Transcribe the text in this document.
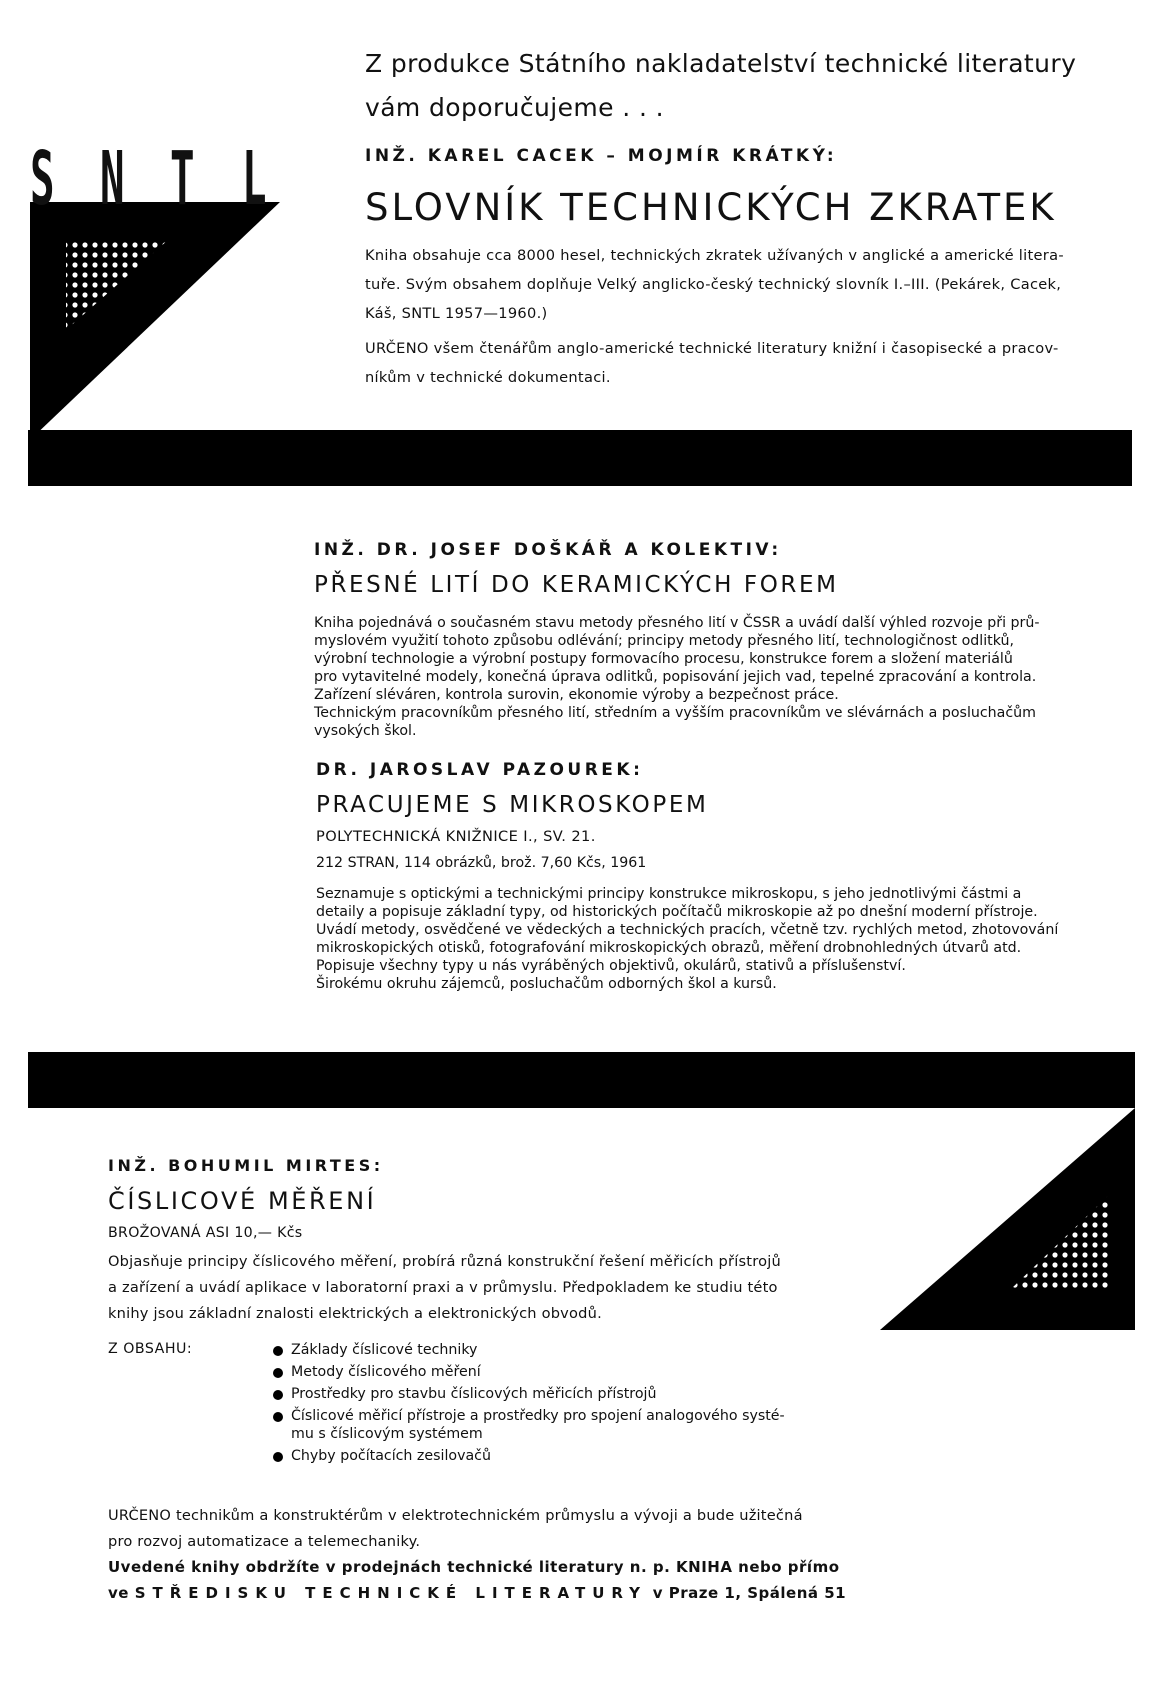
S N T L
Z produkce Státního nakladatelství technické literatury
vám doporučujeme . . .
INŽ. KAREL CACEK – MOJMÍR KRÁTKÝ:
SLOVNÍK TECHNICKÝCH ZKRATEK
Kniha obsahuje cca 8000 hesel, technických zkratek užívaných v anglické a americké litera-
tuře. Svým obsahem doplňuje Velký anglicko-český technický slovník I.–III. (Pekárek, Cacek,
Káš, SNTL 1957—1960.)
URČENO všem čtenářům anglo-americké technické literatury knižní i časopisecké a pracov-
níkům v technické dokumentaci.
INŽ. DR. JOSEF DOŠKÁŘ A KOLEKTIV:
PŘESNÉ LITÍ DO KERAMICKÝCH FOREM
Kniha pojednává o současném stavu metody přesného lití v ČSSR a uvádí další výhled rozvoje při prů-
myslovém využití tohoto způsobu odlévání; principy metody přesného lití, technologičnost odlitků,
výrobní technologie a výrobní postupy formovacího procesu, konstrukce forem a složení materiálů
pro vytavitelné modely, konečná úprava odlitků, popisování jejich vad, tepelné zpracování a kontrola.
Zařízení sléváren, kontrola surovin, ekonomie výroby a bezpečnost práce.
Technickým pracovníkům přesného lití, středním a vyšším pracovníkům ve slévárnách a posluchačům
vysokých škol.
DR. JAROSLAV PAZOUREK:
PRACUJEME S MIKROSKOPEM
POLYTECHNICKÁ KNIŽNICE I., SV. 21.
212 STRAN, 114 obrázků, brož. 7,60 Kčs, 1961
Seznamuje s optickými a technickými principy konstrukce mikroskopu, s jeho jednotlivými částmi a
detaily a popisuje základní typy, od historických počítačů mikroskopie až po dnešní moderní přístroje.
Uvádí metody, osvědčené ve vědeckých a technických pracích, včetně tzv. rychlých metod, zhotovování
mikroskopických otisků, fotografování mikroskopických obrazů, měření drobnohledných útvarů atd.
Popisuje všechny typy u nás vyráběných objektivů, okulárů, stativů a příslušenství.
Širokému okruhu zájemců, posluchačům odborných škol a kursů.
INŽ. BOHUMIL MIRTES:
ČÍSLICOVÉ MĚŘENÍ
BROŽOVANÁ ASI 10,— Kčs
Objasňuje principy číslicového měření, probírá různá konstrukční řešení měřicích přístrojů
a zařízení a uvádí aplikace v laboratorní praxi a v průmyslu. Předpokladem ke studiu této
knihy jsou základní znalosti elektrických a elektronických obvodů.
Z OBSAHU:	Základy číslicové techniky
Metody číslicového měření
Prostředky pro stavbu číslicových měřicích přístrojů
Číslicové měřicí přístroje a prostředky pro spojení analogového systé-
mu s číslicovým systémem
Chyby počítacích zesilovačů
URČENO technikům a konstruktérům v elektrotechnickém průmyslu a vývoji a bude užitečná
pro rozvoj automatizace a telemechaniky.
Uvedené knihy obdržíte v prodejnách technické literatury n. p. KNIHA nebo přímo
ve STŘEDISKU TECHNICKÉ LITERATURY v Praze 1, Spálená 51
